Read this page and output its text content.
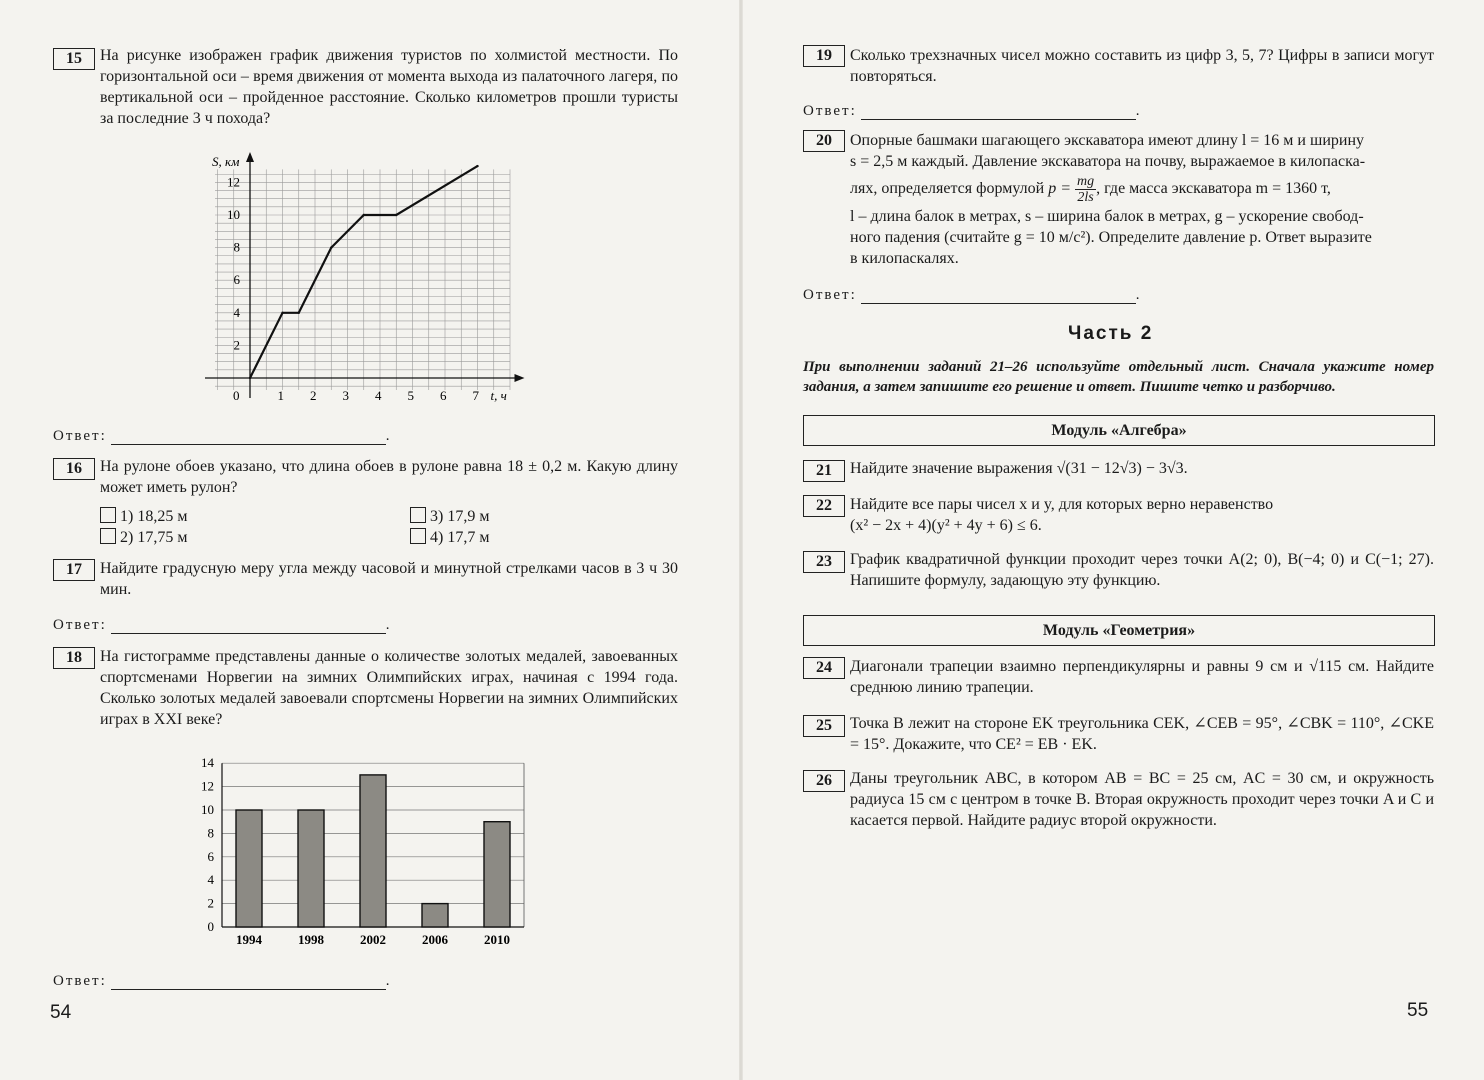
15	На рисунке изображен график движения туристов по холмистой местности. По горизонтальной оси – время движения от момента выхода из палаточного лагеря, по вертикальной оси – пройденное расстояние. Сколько километров прошли туристы за последние 3 ч похода?
0	1 2 3 4 5 6 7
2
4
6
8
10
12
S, км
t, ч
Ответ:	.
16	На рулоне обоев указано, что длина обоев в рулоне равна 18 ± 0,2 м. Какую длину может иметь рулон?
1) 18,25 м
2) 17,75 м
3) 17,9 м
4) 17,7 м
17	Найдите градусную меру угла между часовой и минутной стрелками часов в 3 ч 30 мин.
Ответ:	.
18	На гистограмме представлены данные о количестве золотых медалей, завоеванных спортсменами Норвегии на зимних Олимпийских играх, начиная с 1994 года. Сколько золотых медалей завоевали спортсмены Норвегии на зимних Олимпийских играх в XXI веке?
0
2
4
6
8
10
12
14
1994	1998	2002	2006	2010
Ответ:	.
54
19	Сколько трехзначных чисел можно составить из цифр 3, 5, 7? Цифры в записи могут повторяться.
Ответ:	.
20	Опорные башмаки шагающего экскаватора имеют длину l = 16 м и ширину
s = 2,5 м каждый. Давление экскаватора на почву, выражаемое в килопаска-
лях, определяется формулой $p = \frac{mg}{2ls}$ , где масса экскаватора m = 1360 т,
l – длина балок в метрах, s – ширина балок в метрах, g – ускорение свобод-
ного падения (считайте g = 10 м/с²). Определите давление p. Ответ выразите
в килопаскалях.
Ответ:	.
Часть 2
При выполнении заданий 21–26 используйте отдельный лист. Сначала укажите номер задания, а затем запишите его решение и ответ. Пишите четко и разборчиво.
Модуль «Алгебра»
21	Найдите значение выражения √(31 − 12√3) − 3√3.
22	Найдите все пары чисел x и y, для которых верно неравенство
(x² − 2x + 4)(y² + 4y + 6) ≤ 6.
23	График квадратичной функции проходит через точки A(2; 0), B(−4; 0) и C(−1; 27). Напишите формулу, задающую эту функцию.
Модуль «Геометрия»
24	Диагонали трапеции взаимно перпендикулярны и равны 9 см и √115 см. Найдите среднюю линию трапеции.
25	Точка B лежит на стороне EK треугольника CEK, ∠CEB = 95°, ∠CBK = 110°, ∠CKE = 15°. Докажите, что CE² = EB · EK.
26	Даны треугольник ABC, в котором AB = BC = 25 см, AC = 30 см, и окружность радиуса 15 см с центром в точке B. Вторая окружность проходит через точки A и C и касается первой. Найдите радиус второй окружности.
55
